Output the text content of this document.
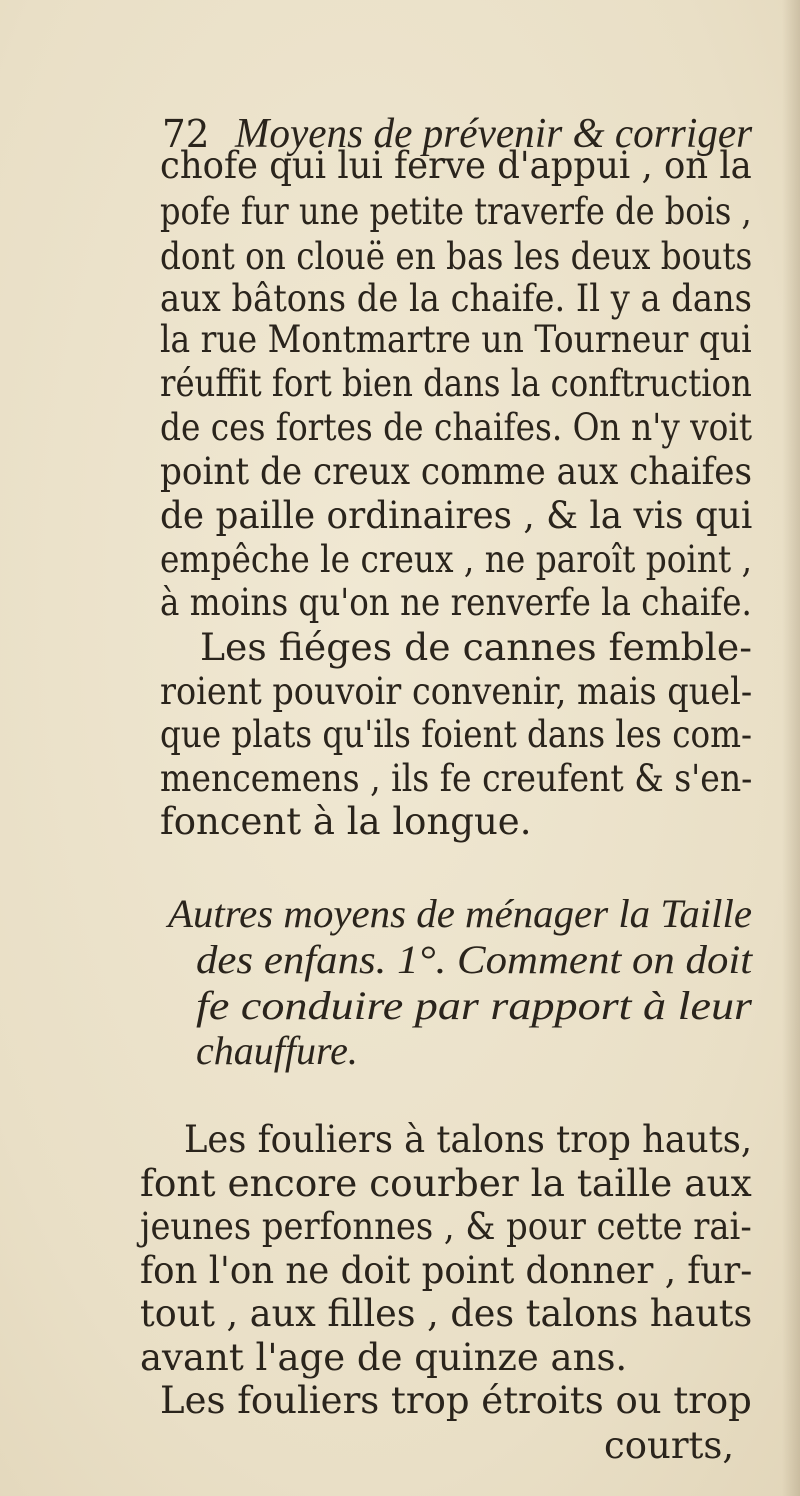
72 Moyens de prévenir & corriger
chofe qui lui ferve d'appui , on la
pofe fur une petite traverfe de bois ,
dont on clouë en bas les deux bouts
aux bâtons de la chaife. Il y a dans
la rue Montmartre un Tourneur qui
réuffit fort bien dans la conftruction
de ces fortes de chaifes. On n'y voit
point de creux comme aux chaifes
de paille ordinaires , & la vis qui
empêche le creux , ne paroît point ,
à moins qu'on ne renverfe la chaife.
Les fiéges de cannes femble-
roient pouvoir convenir, mais quel-
que plats qu'ils foient dans les com-
mencemens , ils fe creufent & s'en-
foncent à la longue.
Autres moyens de ménager la Taille
des enfans. 1°. Comment on doit
fe conduire par rapport à leur
chauffure.
Les fouliers à talons trop hauts,
font encore courber la taille aux
jeunes perfonnes , & pour cette rai-
fon l'on ne doit point donner , fur-
tout , aux filles , des talons hauts
avant l'age de quinze ans.
Les fouliers trop étroits ou trop
courts,
